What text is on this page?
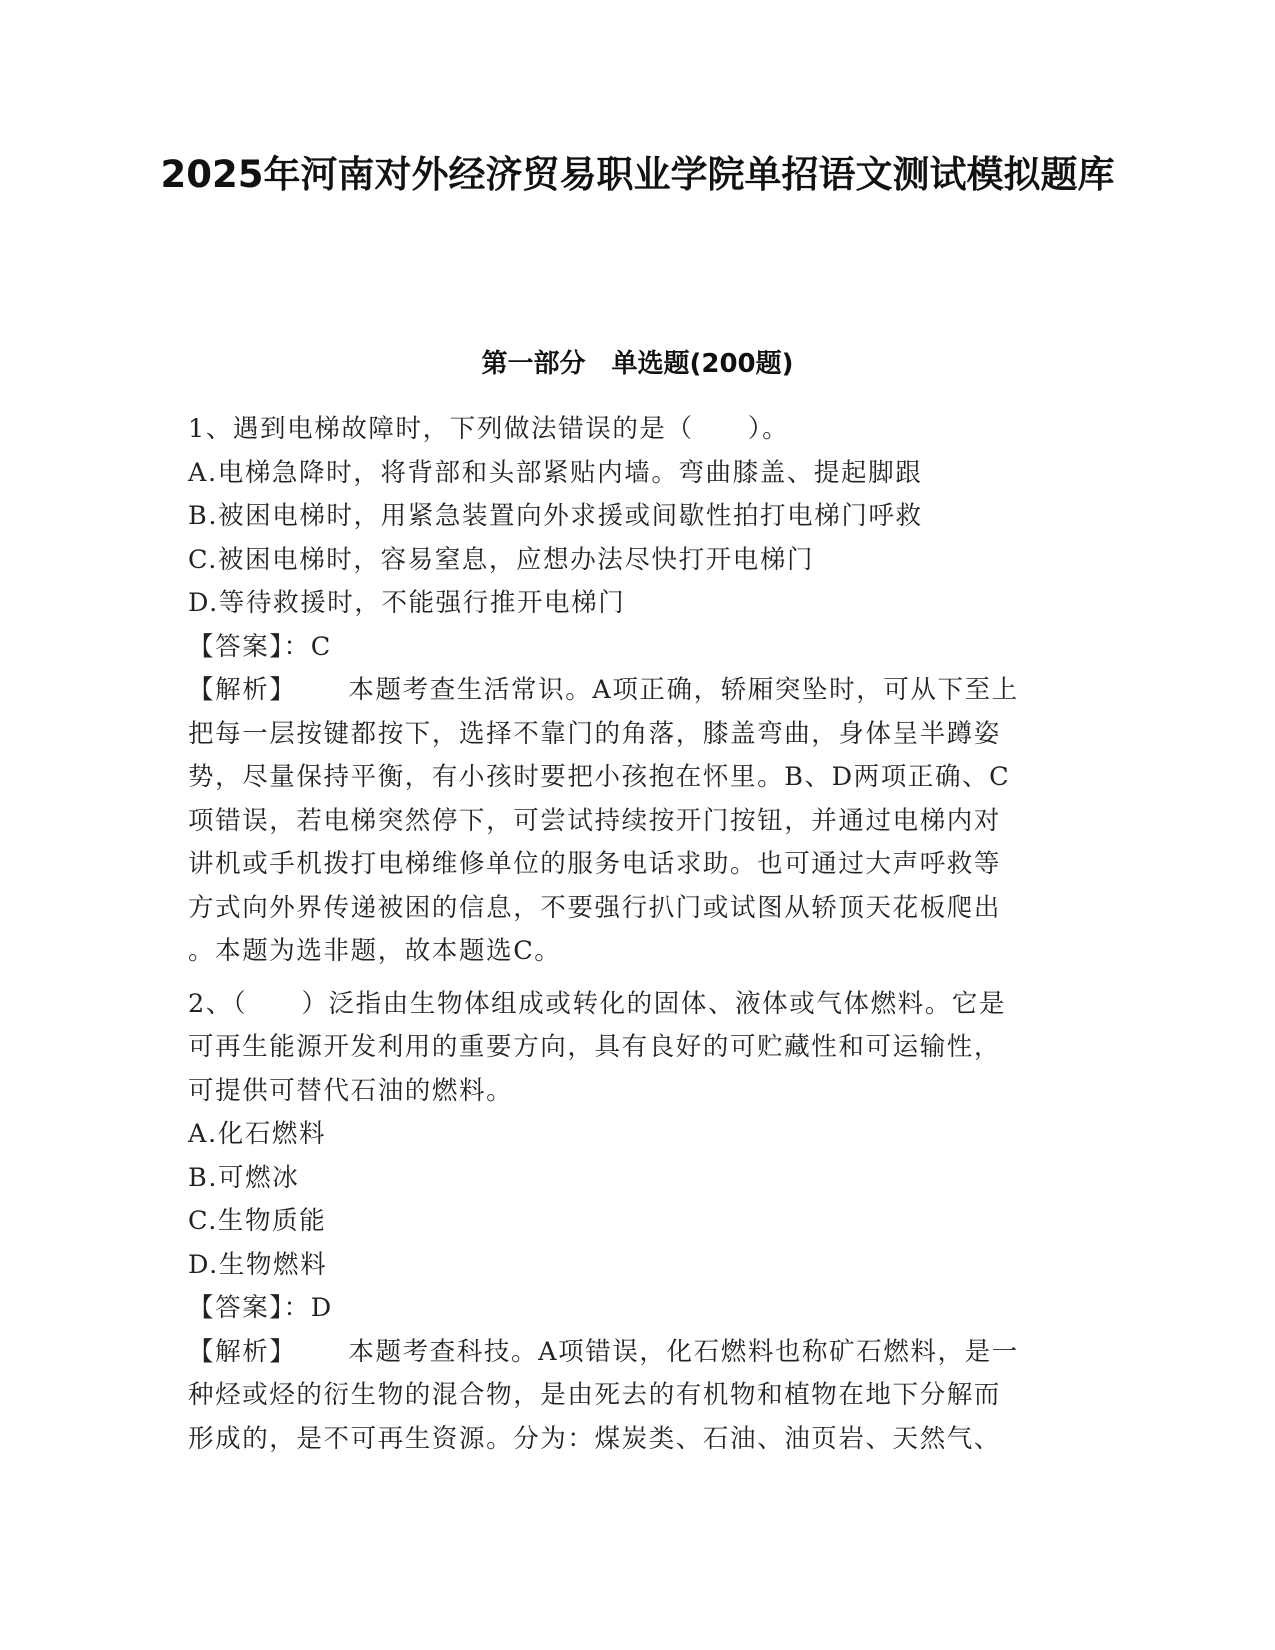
2025年河南对外经济贸易职业学院单招语文测试模拟题库
第一部分　单选题(200题)
1、遇到电梯故障时，下列做法错误的是（　　）。
A.电梯急降时，将背部和头部紧贴内墙。弯曲膝盖、提起脚跟
B.被困电梯时，用紧急装置向外求援或间歇性拍打电梯门呼救
C.被困电梯时，容易窒息，应想办法尽快打开电梯门
D.等待救援时，不能强行推开电梯门
【答案】：C
【解析】 本题考查生活常识。A项正确，轿厢突坠时，可从下至上
把每一层按键都按下，选择不靠门的角落，膝盖弯曲，身体呈半蹲姿
势，尽量保持平衡，有小孩时要把小孩抱在怀里。B、D两项正确、C
项错误，若电梯突然停下，可尝试持续按开门按钮，并通过电梯内对
讲机或手机拨打电梯维修单位的服务电话求助。也可通过大声呼救等
方式向外界传递被困的信息，不要强行扒门或试图从轿顶天花板爬出
。本题为选非题，故本题选C。
2、（　　）泛指由生物体组成或转化的固体、液体或气体燃料。它是
可再生能源开发利用的重要方向，具有良好的可贮藏性和可运输性，
可提供可替代石油的燃料。
A.化石燃料
B.可燃冰
C.生物质能
D.生物燃料
【答案】：D
【解析】 本题考查科技。A项错误，化石燃料也称矿石燃料，是一
种烃或烃的衍生物的混合物，是由死去的有机物和植物在地下分解而
形成的，是不可再生资源。分为：煤炭类、石油、油页岩、天然气、
